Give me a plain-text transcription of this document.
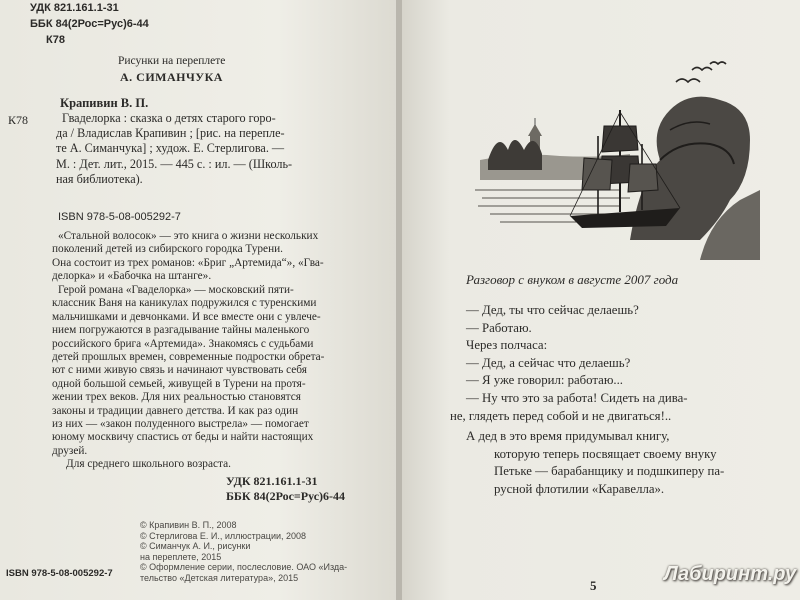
УДК 821.161.1-31
ББК 84(2Рос=Рус)6-44
К78
Рисунки на переплете
А. СИМАНЧУКА
Крапивин В. П.
К78	Гваделорка : сказка о детях старого горо-
да / Владислав Крапивин ; [рис. на перепле-
те А. Симанчука] ; худож. Е. Стерлигова. —
М. : Дет. лит., 2015. — 445 с. : ил. — (Школь-
ная библиотека).
ISBN 978-5-08-005292-7
«Стальной волосок» — это книга о жизни нескольких
поколений детей из сибирского городка Турени.
Она состоит из трех романов: «Бриг „Артемида“», «Гва-
делорка» и «Бабочка на штанге».
Герой романа «Гваделорка» — московский пяти-
классник Ваня на каникулах подружился с туренскими
мальчишками и девчонками. И все вместе они с увлече-
нием погружаются в разгадывание тайны маленького
российского брига «Артемида». Знакомясь с судьбами
детей прошлых времен, современные подростки обрета-
ют с ними живую связь и начинают чувствовать себя
одной большой семьей, живущей в Турени на протя-
жении трех веков. Для них реальностью становятся
законы и традиции давнего детства. И как раз один
из них — «закон полуденного выстрела» — помогает
юному москвичу спастись от беды и найти настоящих
друзей.
Для среднего школьного возраста.
УДК 821.161.1-31
ББК 84(2Рос=Рус)6-44
© Крапивин В. П., 2008
© Стерлигова Е. И., иллюстрации, 2008
© Симанчук А. И., рисунки
на переплете, 2015
© Оформление серии, послесловие. ОАО «Изда-
тельство «Детская литература», 2015
ISBN 978-5-08-005292-7
Разговор с внуком в августе 2007 года
— Дед, ты что сейчас делаешь?
— Работаю.
Через полчаса:
— Дед, а сейчас что делаешь?
— Я уже говорил: работаю...
— Ну что это за работа! Сидеть на дива-
не, глядеть перед собой и не двигаться!..
А дед в это время придумывал книгу,
которую теперь посвящает своему внуку
Петьке — барабанщику и подшкиперу па-
русной флотилии «Каравелла».
5
Лабиринт.ру
